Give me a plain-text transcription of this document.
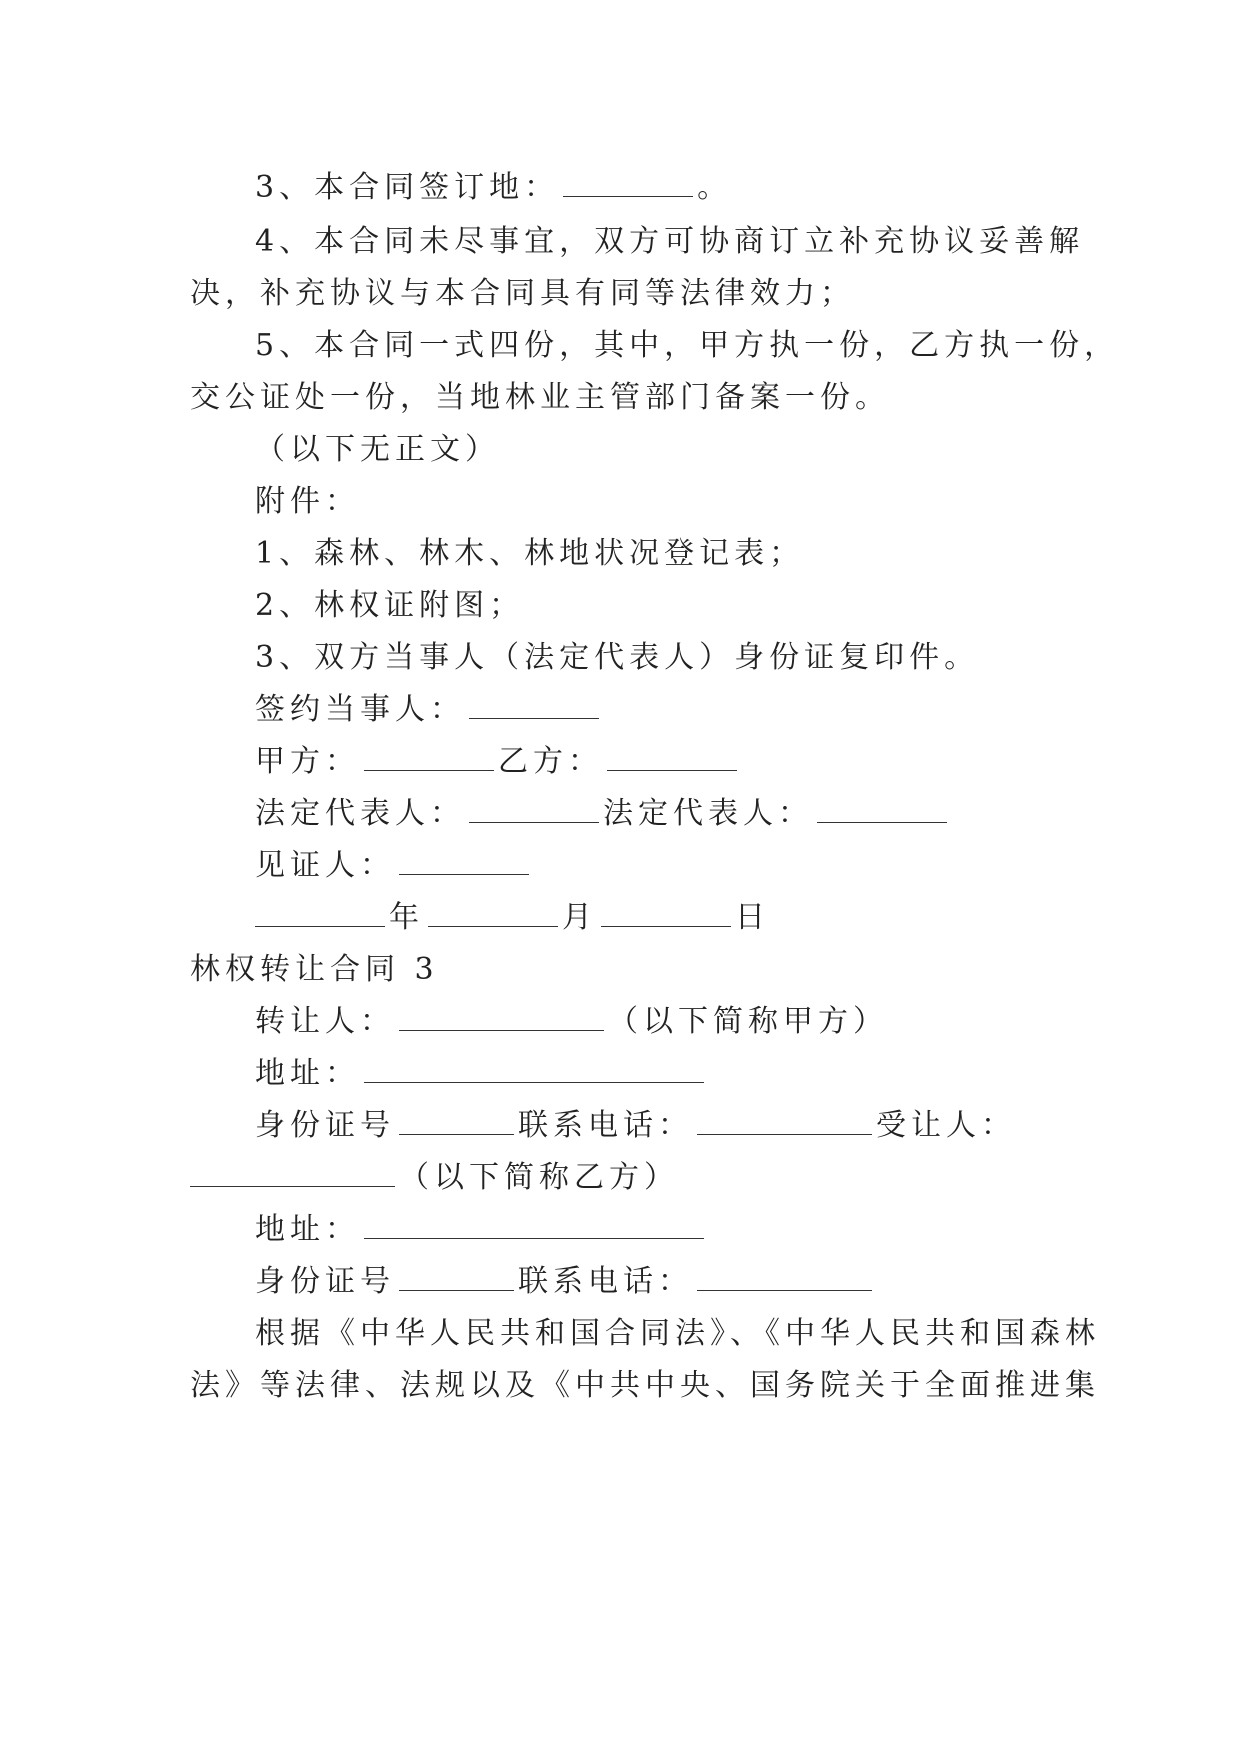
3、本合同签订地：	。
4、本合同未尽事宜，双方可协商订立补充协议妥善解
决，补充协议与本合同具有同等法律效力；
5、本合同一式四份，其中，甲方执一份，乙方执一份，
交公证处一份，当地林业主管部门备案一份。
（以下无正文）
附件：
1、森林、林木、林地状况登记表；
2、林权证附图；
3、双方当事人（法定代表人）身份证复印件。
签约当事人：
甲方：	乙方：
法定代表人：	法定代表人：
见证人：
年	月	日
林权转让合同 3
转让人：	（以下简称甲方）
地址：
身份证号	联系电话：	受让人：
（以下简称乙方）
地址：
身份证号	联系电话：
根据《中华人民共和国合同法》、《中华人民共和国森林
法》等法律、法规以及《中共中央、国务院关于全面推进集
